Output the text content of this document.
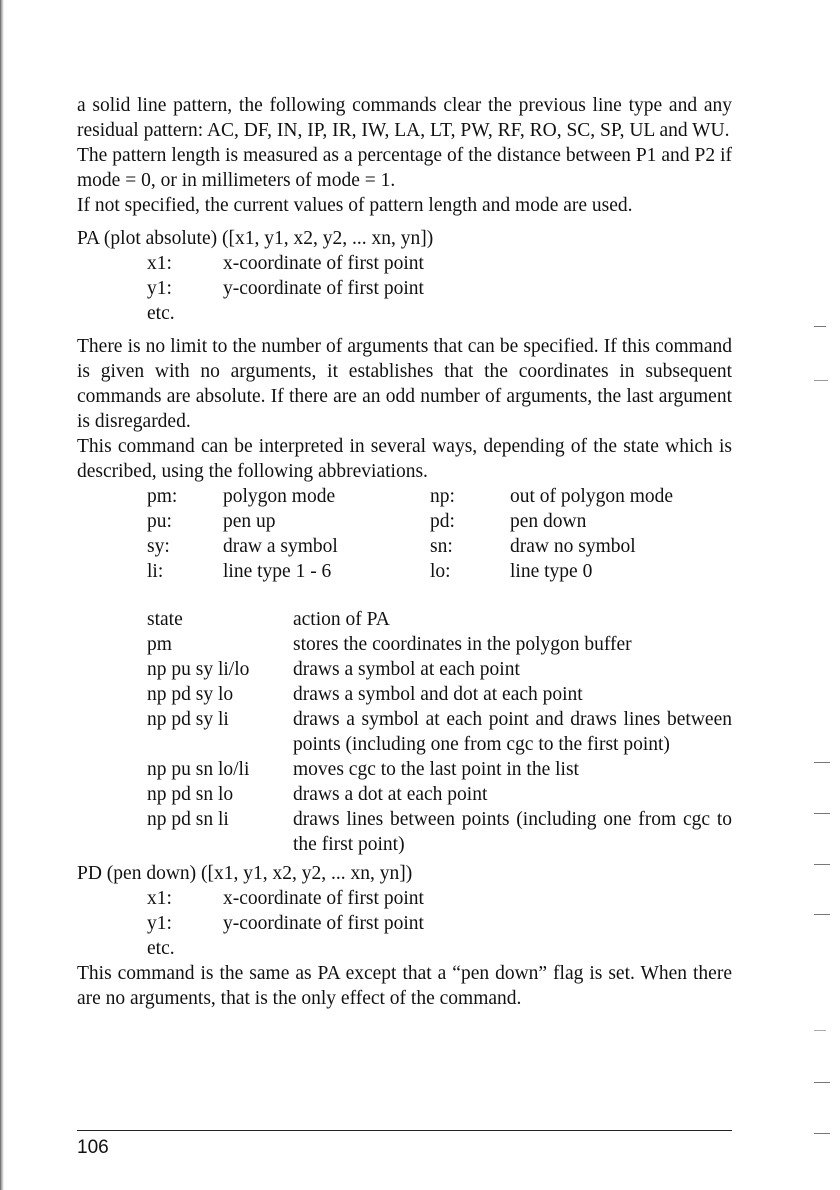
a solid line pattern, the following commands clear the previous line type and any residual pattern: AC, DF, IN, IP, IR, IW, LA, LT, PW, RF, RO, SC, SP, UL and WU.

The pattern length is measured as a percentage of the distance between P1 and P2 if mode = 0, or in millimeters of mode = 1.

If not specified, the current values of pattern length and mode are used.

PA (plot absolute) ([x1, y1, x2, y2, ... xn, yn])

x1:	x-coordinate of first point
y1:	y-coordinate of first point
etc.

There is no limit to the number of arguments that can be specified. If this command is given with no arguments, it establishes that the coordinates in subsequent commands are absolute. If there are an odd number of arguments, the last argument is disregarded.

This command can be interpreted in several ways, depending of the state which is described, using the following abbreviations.

pm:	polygon mode	np:	out of polygon mode
pu:	pen up	pd:	pen down
sy:	draw a symbol	sn:	draw no symbol
li:	line type 1 - 6	lo:	line type 0
state	action of PA
pm	stores the coordinates in the polygon buffer
np pu sy li/lo	draws a symbol at each point
np pd sy lo	draws a symbol and dot at each point
np pd sy li	draws a symbol at each point and draws lines between points (including one from cgc to the first point)
np pu sn lo/li	moves cgc to the last point in the list
np pd sn lo	draws a dot at each point
np pd sn li	draws lines between points (including one from cgc to the first point)

PD (pen down) ([x1, y1, x2, y2, ... xn, yn])

x1:	x-coordinate of first point
y1:	y-coordinate of first point
etc.

This command is the same as PA except that a “pen down” flag is set. When there are no arguments, that is the only effect of the command.

106
